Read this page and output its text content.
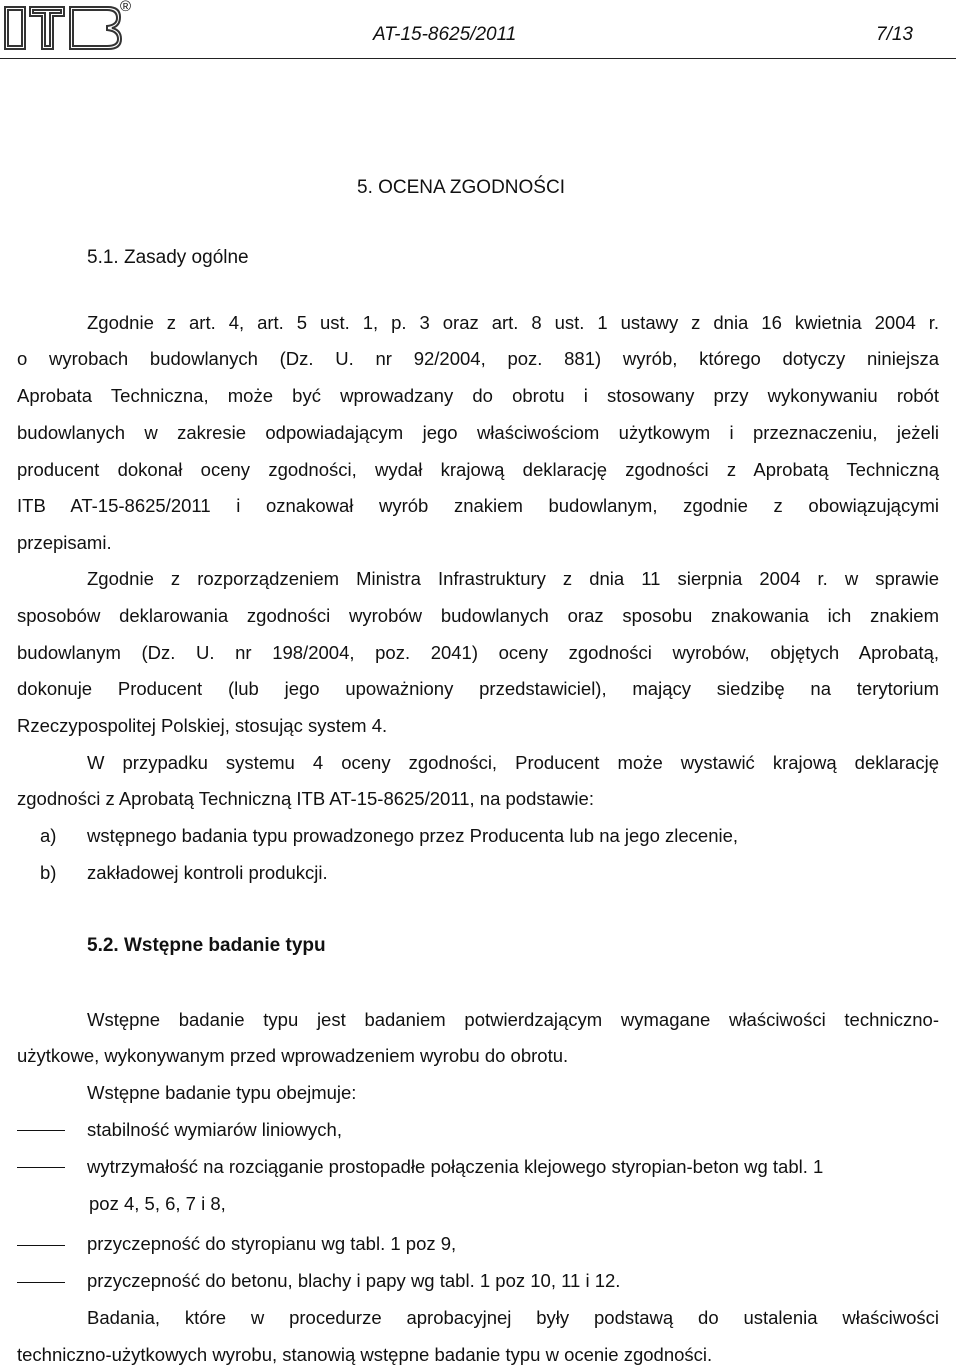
®
AT-15-8625/2011	7/13
5. OCENA ZGODNOŚCI
5.1. Zasady ogólne
Zgodnie z art. 4, art. 5 ust. 1, p. 3 oraz art. 8 ust. 1 ustawy z dnia 16 kwietnia 2004 r.
o wyrobach budowlanych (Dz. U. nr 92/2004, poz. 881) wyrób, którego dotyczy niniejsza
Aprobata Techniczna, może być wprowadzany do obrotu i stosowany przy wykonywaniu robót
budowlanych w zakresie odpowiadającym jego właściwościom użytkowym i przeznaczeniu, jeżeli
producent dokonał oceny zgodności, wydał krajową deklarację zgodności z Aprobatą Techniczną
ITB AT-15-8625/2011 i oznakował wyrób znakiem budowlanym, zgodnie z obowiązującymi
przepisami.
Zgodnie z rozporządzeniem Ministra Infrastruktury z dnia 11 sierpnia 2004 r. w sprawie
sposobów deklarowania zgodności wyrobów budowlanych oraz sposobu znakowania ich znakiem
budowlanym (Dz. U. nr 198/2004, poz. 2041) oceny zgodności wyrobów, objętych Aprobatą,
dokonuje Producent (lub jego upoważniony przedstawiciel), mający siedzibę na terytorium
Rzeczypospolitej Polskiej, stosując system 4.
W przypadku systemu 4 oceny zgodności, Producent może wystawić krajową deklarację
zgodności z Aprobatą Techniczną ITB AT-15-8625/2011, na podstawie:
a) wstępnego badania typu prowadzonego przez Producenta lub na jego zlecenie,
b) zakładowej kontroli produkcji.
5.2. Wstępne badanie typu
Wstępne badanie typu jest badaniem potwierdzającym wymagane właściwości techniczno-
użytkowe, wykonywanym przed wprowadzeniem wyrobu do obrotu.
Wstępne badanie typu obejmuje:
stabilność wymiarów liniowych,
wytrzymałość na rozciąganie prostopadłe połączenia klejowego styropian-beton wg tabl. 1
poz 4, 5, 6, 7 i 8,
przyczepność do styropianu wg tabl. 1 poz 9,
przyczepność do betonu, blachy i papy wg tabl. 1 poz 10, 11 i 12.
Badania, które w procedurze aprobacyjnej były podstawą do ustalenia właściwości
techniczno-użytkowych wyrobu, stanowią wstępne badanie typu w ocenie zgodności.
